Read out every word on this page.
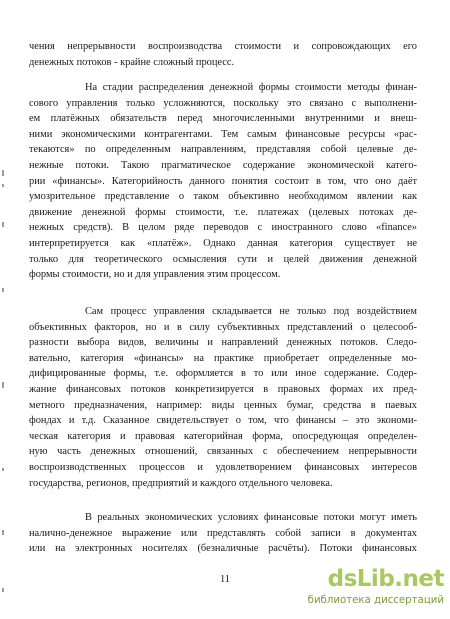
чения непрерывности воспроизводства стоимости и сопровождающих его
денежных потоков - крайне сложный процесс.
На стадии распределения денежной формы стоимости методы финан-
сового управления только усложняются, поскольку это связано с выполнени-
ем платёжных обязательств перед многочисленными внутренними и внеш-
ними экономическими контрагентами. Тем самым финансовые ресурсы «рас-
текаются» по определенным направлениям, представляя собой целевые де-
нежные потоки. Такою прагматическое содержание экономической катего-
рии «финансы». Категорийность данного понятия состоит в том, что оно даёт
умозрительное представление о таком объективно необходимом явлении как
движение денежной формы стоимости, т.е. платежах (целевых потоках де-
нежных средств). В целом ряде переводов с иностранного слово «finance»
интерпретируется как «платёж». Однако данная категория существует не
только для теоретического осмысления сути и целей движения денежной
формы стоимости, но и для управления этим процессом.
Сам процесс управления складывается не только под воздействием
объективных факторов, но и в силу субъективных представлений о целесооб-
разности выбора видов, величины и направлений денежных потоков. Следо-
вательно, категория «финансы» на практике приобретает определенные мо-
дифицированные формы, т.е. оформляется в то или иное содержание. Содер-
жание финансовых потоков конкретизируется в правовых формах их пред-
метного предназначения, например: виды ценных бумаг, средства в паевых
фондах и т.д. Сказанное свидетельствует о том, что финансы – это экономи-
ческая категория и правовая категорийная форма, опосредующая определен-
ную часть денежных отношений, связанных с обеспечением непрерывности
воспроизводственных процессов и удовлетворением финансовых интересов
государства, регионов, предприятий и каждого отдельного человека.
В реальных экономических условиях финансовые потоки могут иметь
налично-денежное выражение или представлять собой записи в документах
или на электронных носителях (безналичные расчёты). Потоки финансовых
11	dsLib.net
библиотека диссертаций
